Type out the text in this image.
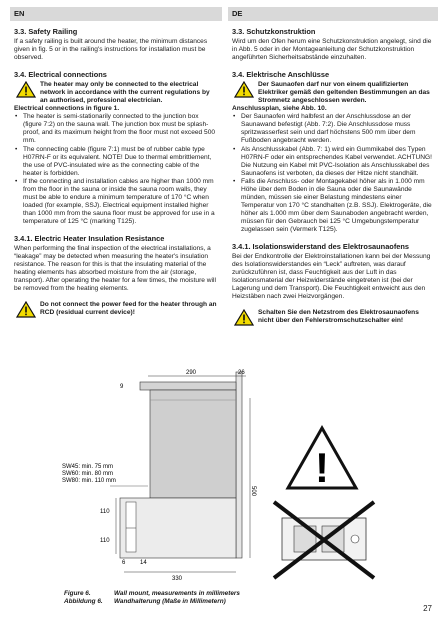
EN	DE
3.3. Safety Railing

If a safety railing is built around the heater, the minimum distances given in fig. 5 or in the railing's instructions for installation must be observed.

3.4. Electrical connections
The heater may only be connected to the electrical network in accordance with the current regulations by an authorised, professional electrician.

Electrical connections in figure 1.

• The heater is semi-stationarily connected to the junction box (figure 7:2) on the sauna wall. The junction box must be splash-proof, and its maximum height from the floor must not exceed 500 mm.
• The connecting cable (figure 7:1) must be of rubber cable type H07RN-F or its equivalent. NOTE! Due to thermal embrittlement, the use of PVC-insulated wire as the connecting cable of the heater is forbidden.
• If the connecting and installation cables are higher than 1000 mm from the floor in the sauna or inside the sauna room walls, they must be able to endure a minimum temperature of 170 °C when loaded (for example, SSJ). Electrical equipment installed higher than 1000 mm from the sauna floor must be approved for use in a temperature of 125 °C (marking T125).
3.4.1. Electric Heater Insulation Resistance

When performing the final inspection of the electrical installations, a “leakage” may be detected when measuring the heater's insulation resistance. The reason for this is that the insulating material of the heating elements has absorbed moisture from the air (storage, transport). After operating the heater for a few times, the moisture will be removed from the heating elements.

Do not connect the power feed for the heater through an RCD (residual current device)!
3.3. Schutzkonstruktion

Wird um den Ofen herum eine Schutzkonstruktion angelegt, sind die in Abb. 5 oder in der Montageanleitung der Schutzkonstruktion angeführten Sicherheitsabstände einzuhalten.

3.4. Elektrische Anschlüsse
Der Saunaofen darf nur von einem qualifizierten Elektriker gemäß den geltenden Bestimmungen an das Stromnetz angeschlossen werden.

Anschlussplan, siehe Abb. 10.

• Der Saunaofen wird halbfest an der Anschlussdose an der Saunawand befestigt (Abb. 7:2). Die Anschlussdose muss spritzwasserfest sein und darf höchstens 500 mm über dem Fußboden angebracht werden.
• Als Anschlusskabel (Abb. 7: 1) wird ein Gummikabel des Typen H07RN-F oder ein entsprechendes Kabel verwendet. ACHTUNG! Die Nutzung ein Kabel mit PVC-Isolation als Anschlusskabel des Saunaofens ist verboten, da dieses der Hitze nicht standhält.
• Falls die Anschluss- oder Montagekabel höher als in 1.000 mm Höhe über dem Boden in die Sauna oder die Saunawände münden, müssen sie einer Belastung mindestens einer Temperatur von 170 °C standhalten (z.B. SSJ). Elektrogeräte, die höher als 1.000 mm über dem Saunaboden angebracht werden, müssen für den Gebrauch bei 125 °C Umgebungstemperatur zugelassen sein (Vermerk T125).
3.4.1. Isolationswiderstand des Elektrosaunaofens

Bei der Endkontrolle der Elektroinstallationen kann bei der Messung des Isolationswiderstandes ein “Leck” auftreten, was darauf zurückzuführen ist, dass Feuchtigkeit aus der Luft in das Isolationsmaterial der Heizwiderstände eingetreten ist (bei der Lagerung und dem Transport). Die Feuchtigkeit entweicht aus den Heizstäben nach zwei Heizvorgängen.

Schalten Sie den Netzstrom des Elektrosaunaofens nicht über den Fehlerstromschutzschalter ein!
290	26
9
500
SW45: min. 75 mm
SW60: min. 80 mm
SW80: min. 110 mm
110
110
6 14
330
!
Figure 6.	Wall mount, measurements in millimeters
Abbildung 6. Wandhalterung (Maße in Millimetern)
27
